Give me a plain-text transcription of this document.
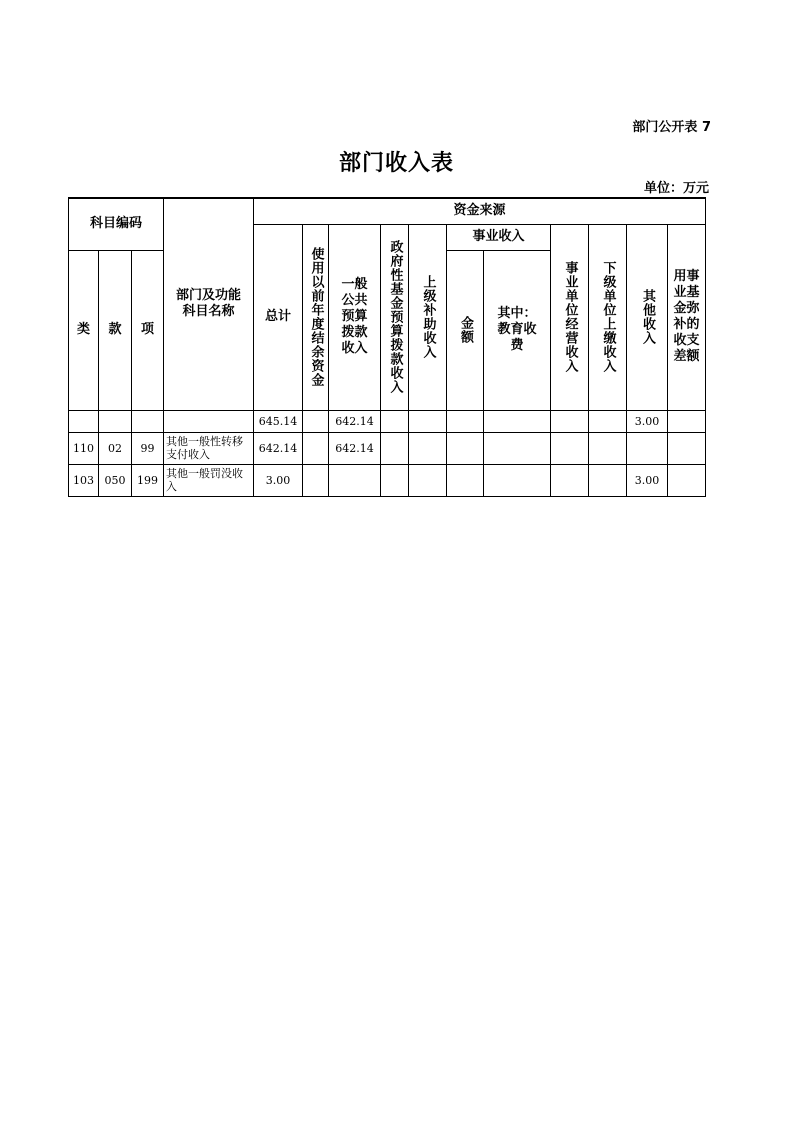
部门公开表 7
部门收入表
单位：万元
科目编码			部门及功能科目名称	资金来源										
				总计	使用以前年度结余资金	一般公共预算拨款收入	政府性基金预算拨款收入	上级补助收入	事业收入		事业单位经营收入	下级单位上缴收入	其他收入	用事业基金弥补的收支差额
类	款	项							金额	其中：教育收费				
				645.14		642.14							3.00	
110	02	99	其他一般性转移支付收入	642.14		642.14								
103	050	199	其他一般罚没收入	3.00									3.00	
